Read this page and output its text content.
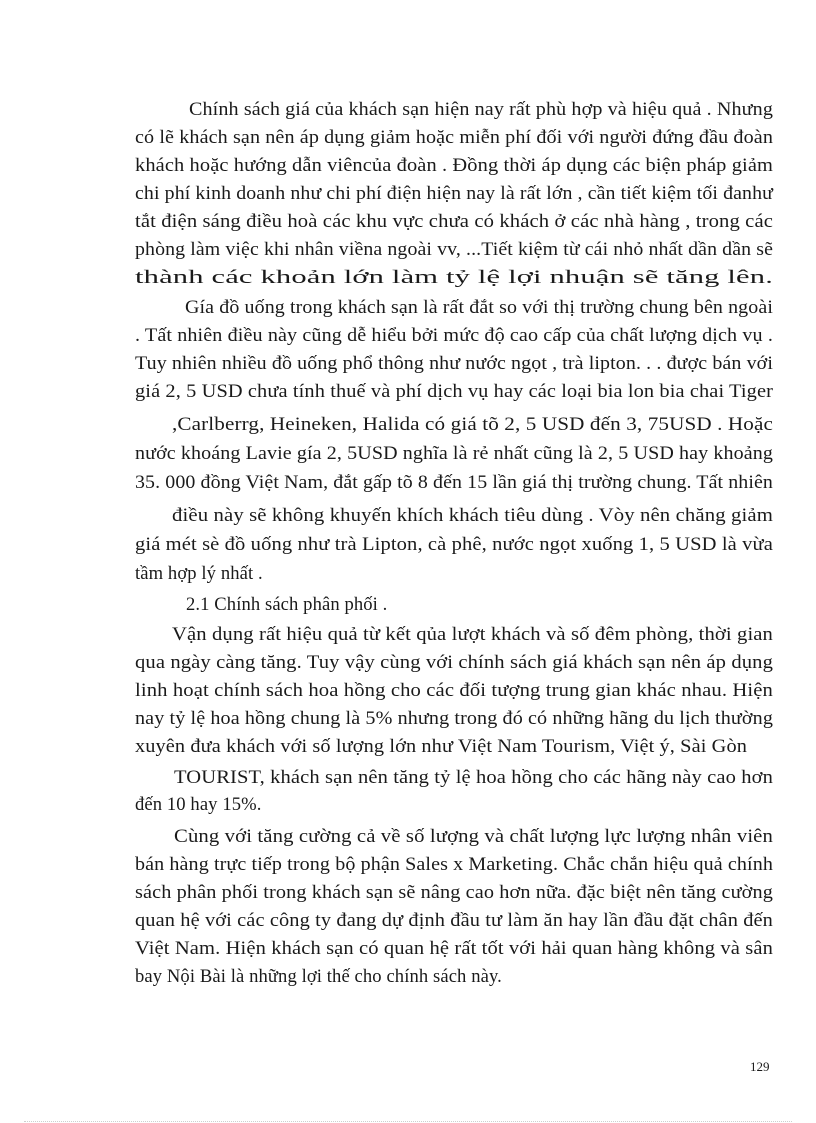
Chính sách giá của khách sạn hiện nay rất phù hợp và hiệu quả . Nhưng
có lẽ khách sạn nên áp dụng giảm hoặc miễn phí đối với người đứng đầu đoàn
khách hoặc hướng dẫn viêncủa đoàn . Đồng thời áp dụng các biện pháp giảm
chi phí kinh doanh như chi phí điện hiện nay là rất lớn , cần tiết kiệm tối đanhư
tắt điện sáng điều hoà các khu vực chưa có khách ở các nhà hàng , trong các
phòng làm việc khi nhân viềna ngoài vv, ...Tiết kiệm từ cái nhỏ nhất dần dần sẽ
thành các khoản lớn làm tỷ lệ lợi nhuận sẽ tăng lên.
Gía đồ uống trong khách sạn là rất đắt so với thị trường chung bên ngoài
. Tất nhiên điều này cũng dễ hiểu bởi mức độ cao cấp của chất lượng dịch vụ .
Tuy nhiên nhiều đồ uống phổ thông như nước ngọt , trà lipton. . . được bán với
giá 2, 5 USD chưa tính thuế và phí dịch vụ hay các loại bia lon bia chai Tiger
,Carlberrg, Heineken, Halida có giá tõ 2, 5 USD đến 3, 75USD . Hoặc
nước khoáng Lavie gía 2, 5USD nghĩa là rẻ nhất cũng là 2, 5 USD hay khoảng
35. 000 đồng Việt Nam, đắt gấp tõ 8 đến 15 lần giá thị trường chung. Tất nhiên
điều này sẽ không khuyến khích khách tiêu dùng . Vòy nên chăng giảm
giá mét sè đồ uống như trà Lipton, cà phê, nước ngọt xuống 1, 5 USD là vừa
tầm hợp lý nhất .
2.1 Chính sách phân phối .
Vận dụng rất hiệu quả từ kết qủa lượt khách và số đêm phòng, thời gian
qua ngày càng tăng. Tuy vậy cùng với chính sách giá khách sạn nên áp dụng
linh hoạt chính sách hoa hồng cho các đối tượng trung gian khác nhau. Hiện
nay tỷ lệ hoa hồng chung là 5% nhưng trong đó có những hãng du lịch thường
xuyên đưa khách với số lượng lớn như Việt Nam Tourism, Việt ý, Sài Gòn
TOURIST, khách sạn nên tăng tỷ lệ hoa hồng cho các hãng này cao hơn
đến 10 hay 15%.
Cùng với tăng cường cả về số lượng và chất lượng lực lượng nhân viên
bán hàng trực tiếp trong bộ phận Sales x Marketing. Chắc chắn hiệu quả chính
sách phân phối trong khách sạn sẽ nâng cao hơn nữa. đặc biệt nên tăng cường
quan hệ với các công ty đang dự định đầu tư làm ăn hay lần đầu đặt chân đến
Việt Nam. Hiện khách sạn có quan hệ rất tốt với hải quan hàng không và sân
bay Nội Bài là những lợi thế cho chính sách này.
129
